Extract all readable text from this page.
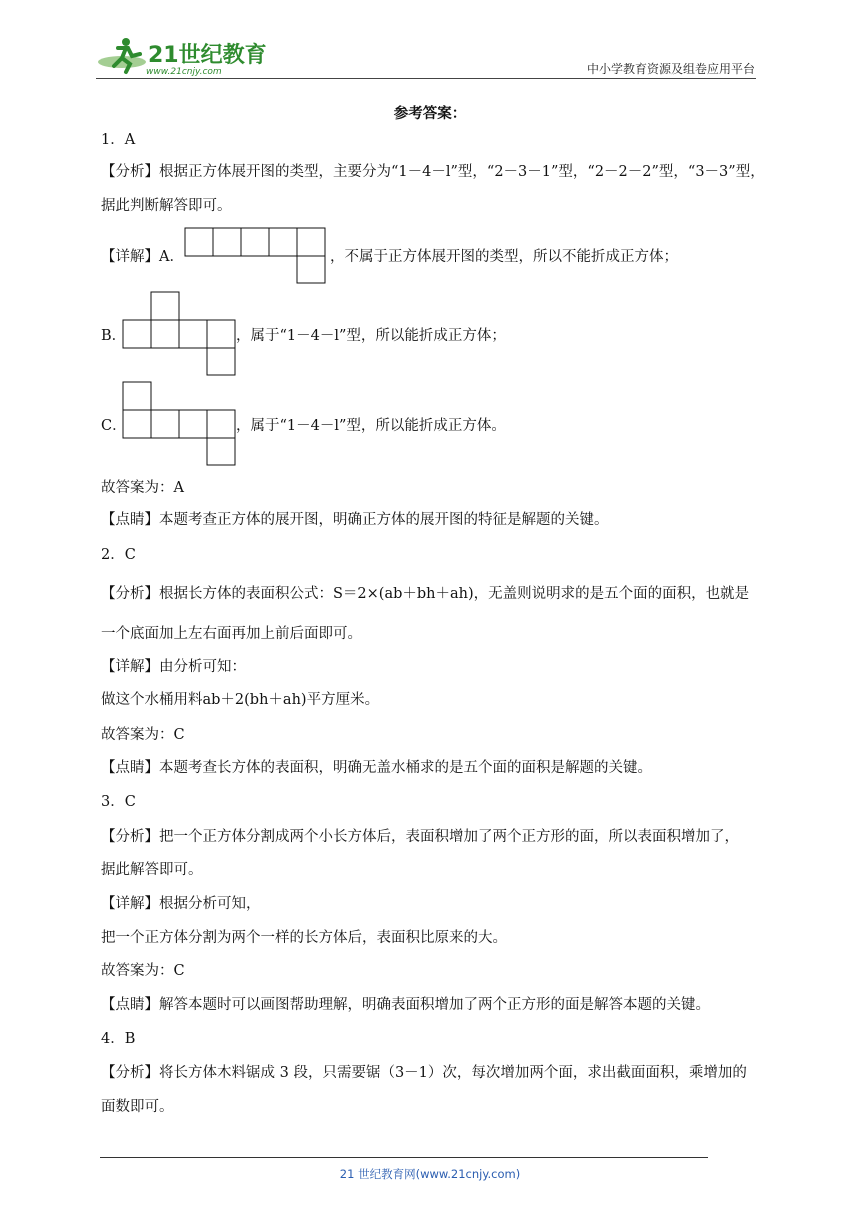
21世纪教育
www.21cnjy.com	中小学教育资源及组卷应用平台
参考答案：
1．A
【分析】根据正方体展开图的类型，主要分为“1－4－l”型，“2－3－1”型，“2－2－2”型，“3－3”型，
据此判断解答即可。
【详解】A．	，不属于正方体展开图的类型，所以不能折成正方体；
B．	，属于“1－4－l”型，所以能折成正方体；
C．	，属于“1－4－l”型，所以能折成正方体。
故答案为：A
【点睛】本题考查正方体的展开图，明确正方体的展开图的特征是解题的关键。
2．C
【分析】根据长方体的表面积公式：S＝2×(ab＋bh＋ah)，无盖则说明求的是五个面的面积，也就是
一个底面加上左右面再加上前后面即可。
【详解】由分析可知：
做这个水桶用料ab＋2(bh＋ah)平方厘米。
故答案为：C
【点睛】本题考查长方体的表面积，明确无盖水桶求的是五个面的面积是解题的关键。
3．C
【分析】把一个正方体分割成两个小长方体后，表面积增加了两个正方形的面，所以表面积增加了，
据此解答即可。
【详解】根据分析可知，
把一个正方体分割为两个一样的长方体后，表面积比原来的大。
故答案为：C
【点睛】解答本题时可以画图帮助理解，明确表面积增加了两个正方形的面是解答本题的关键。
4．B
【分析】将长方体木料锯成 3 段，只需要锯（3－1）次，每次增加两个面，求出截面面积，乘增加的
面数即可。
21 世纪教育网(www.21cnjy.com)
